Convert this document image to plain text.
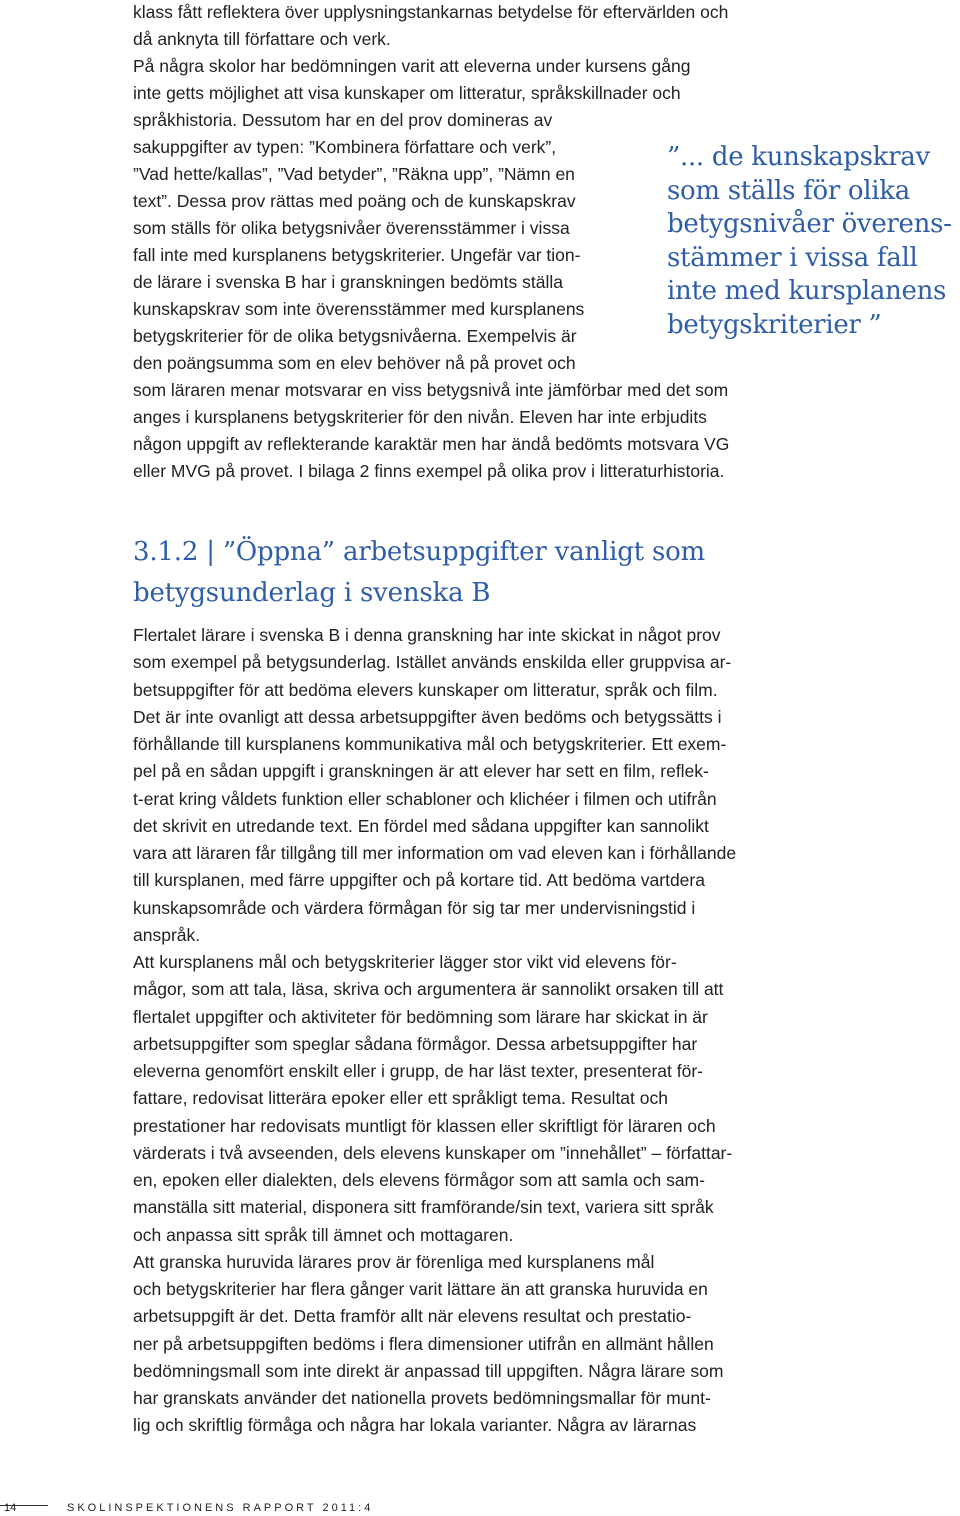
klass fått reflektera över upplysningstankarnas betydelse för eftervärlden och
då anknyta till författare och verk.
På några skolor har bedömningen varit att eleverna under kursens gång
inte getts möjlighet att visa kunskaper om litteratur, språkskillnader och
språkhistoria. Dessutom har en del prov domineras av
sakuppgifter av typen: ”Kombinera författare och verk”,
”Vad hette/kallas”, ”Vad betyder”, ”Räkna upp”, ”Nämn en
text”. Dessa prov rättas med poäng och de kunskapskrav
som ställs för olika betygsnivåer överensstämmer i vissa
fall inte med kursplanens betygskriterier. Ungefär var tion-
de lärare i svenska B har i granskningen bedömts ställa
kunskapskrav som inte överensstämmer med kursplanens
betygskriterier för de olika betygsnivåerna. Exempelvis är
den poängsumma som en elev behöver nå på provet och
som läraren menar motsvarar en viss betygsnivå inte jämförbar med det som
anges i kursplanens betygskriterier för den nivån. Eleven har inte erbjudits
någon uppgift av reflekterande karaktär men har ändå bedömts motsvara VG
eller MVG på provet. I bilaga 2 finns exempel på olika prov i litteraturhistoria.
”... de kunskapskrav
som ställs för olika
betygsnivåer överens-
stämmer i vissa fall
inte med kursplanens
betygskriterier ”
3.1.2 | ”Öppna” arbetsuppgifter vanligt som
betygsunderlag i svenska B
Flertalet lärare i svenska B i denna granskning har inte skickat in något prov
som exempel på betygsunderlag. Istället används enskilda eller gruppvisa ar-
betsuppgifter för att bedöma elevers kunskaper om litteratur, språk och film.
Det är inte ovanligt att dessa arbetsuppgifter även bedöms och betygssätts i
förhållande till kursplanens kommunikativa mål och betygskriterier. Ett exem-
pel på en sådan uppgift i granskningen är att elever har sett en film, reflek-
t-erat kring våldets funktion eller schabloner och klichéer i filmen och utifrån
det skrivit en utredande text. En fördel med sådana uppgifter kan sannolikt
vara att läraren får tillgång till mer information om vad eleven kan i förhållande
till kursplanen, med färre uppgifter och på kortare tid. Att bedöma vartdera
kunskapsområde och värdera förmågan för sig tar mer undervisningstid i
anspråk.
Att kursplanens mål och betygskriterier lägger stor vikt vid elevens för-
mågor, som att tala, läsa, skriva och argumentera är sannolikt orsaken till att
flertalet uppgifter och aktiviteter för bedömning som lärare har skickat in är
arbetsuppgifter som speglar sådana förmågor. Dessa arbetsuppgifter har
eleverna genomfört enskilt eller i grupp, de har läst texter, presenterat för-
fattare, redovisat litterära epoker eller ett språkligt tema. Resultat och
prestationer har redovisats muntligt för klassen eller skriftligt för läraren och
värderats i två avseenden, dels elevens kunskaper om ”innehållet” – författar-
en, epoken eller dialekten, dels elevens förmågor som att samla och sam-
manställa sitt material, disponera sitt framförande/sin text, variera sitt språk
och anpassa sitt språk till ämnet och mottagaren.
Att granska huruvida lärares prov är förenliga med kursplanens mål
och betygskriterier har flera gånger varit lättare än att granska huruvida en
arbetsuppgift är det. Detta framför allt när elevens resultat och prestatio-
ner på arbetsuppgiften bedöms i flera dimensioner utifrån en allmänt hållen
bedömningsmall som inte direkt är anpassad till uppgiften. Några lärare som
har granskats använder det nationella provets bedömningsmallar för munt-
lig och skriftlig förmåga och några har lokala varianter. Några av lärarnas
14	SKOLINSPEKTIONENS RAPPORT 2011:4
